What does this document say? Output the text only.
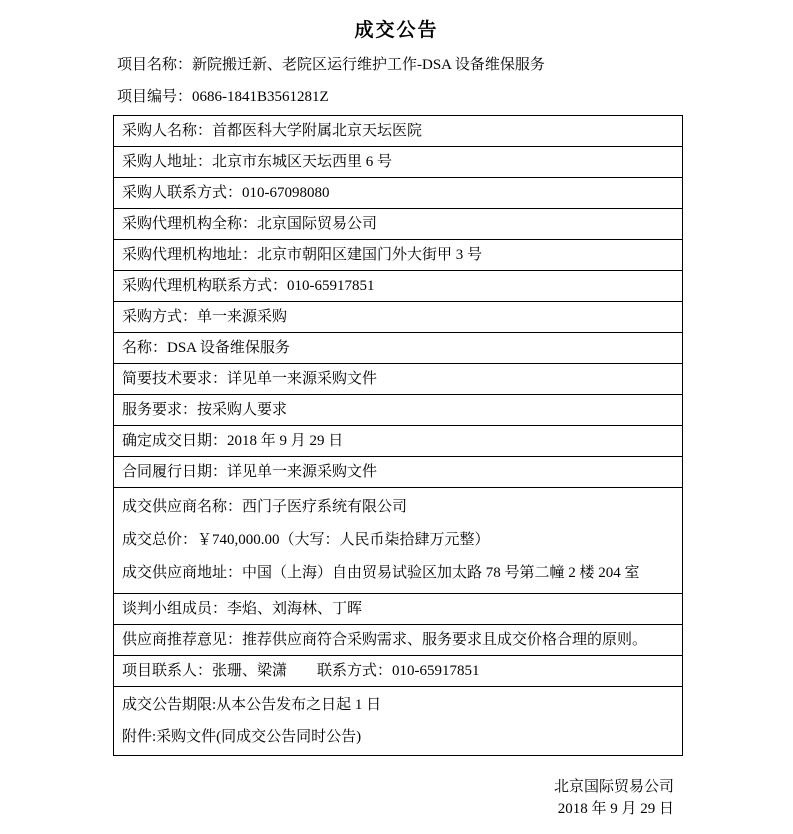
成交公告

项目名称：新院搬迁新、老院区运行维护工作-DSA 设备维保服务

项目编号：0686-1841B3561281Z

采购人名称：首都医科大学附属北京天坛医院

采购人地址：北京市东城区天坛西里 6 号

采购人联系方式：010-67098080

采购代理机构全称：北京国际贸易公司

采购代理机构地址：北京市朝阳区建国门外大街甲 3 号

采购代理机构联系方式：010-65917851

采购方式：单一来源采购

名称：DSA 设备维保服务

简要技术要求：详见单一来源采购文件

服务要求：按采购人要求

确定成交日期：2018 年 9 月 29 日

合同履行日期：详见单一来源采购文件

成交供应商名称：西门子医疗系统有限公司

成交总价：￥740,000.00（大写：人民币柒拾肆万元整）

成交供应商地址：中国（上海）自由贸易试验区加太路 78 号第二幢 2 楼 204 室

谈判小组成员：李焰、刘海林、丁晖

供应商推荐意见：推荐供应商符合采购需求、服务要求且成交价格合理的原则。

项目联系人：张珊、梁潇　　联系方式：010-65917851

成交公告期限:从本公告发布之日起 1 日

附件:采购文件(同成交公告同时公告)

北京国际贸易公司

2018 年 9 月 29 日
